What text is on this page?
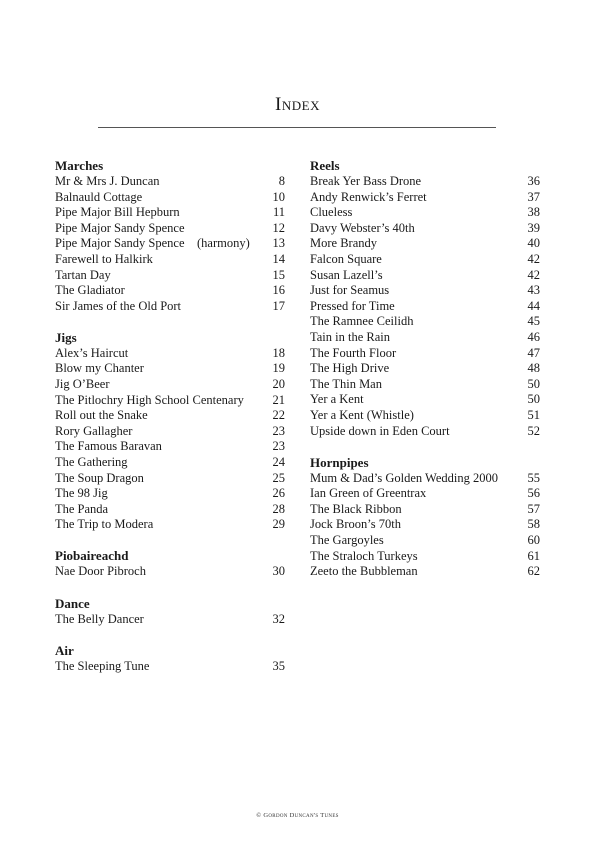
Index
Marches
Mr & Mrs J. Duncan	8
Balnauld Cottage	10
Pipe Major Bill Hepburn	11
Pipe Major Sandy Spence	12
Pipe Major Sandy Spence    (harmony) 13
Farewell to Halkirk	14
Tartan Day	15
The Gladiator	16
Sir James of the Old Port	17
Jigs
Alex’s Haircut	18
Blow my Chanter	19
Jig O’Beer	20
The Pitlochry High School Centenary 21
Roll out the Snake	22
Rory Gallagher	23
The Famous Baravan	23
The Gathering	24
The Soup Dragon	25
The 98 Jig	26
The Panda	28
The Trip to Modera	29
Piobaireachd
Nae Door Pibroch	30
Dance
The Belly Dancer	32
Air
The Sleeping Tune	35
Reels
Break Yer Bass Drone	36
Andy Renwick’s Ferret	37
Clueless	38
Davy Webster’s 40th	39
More Brandy	40
Falcon Square	42
Susan Lazell’s	42
Just for Seamus	43
Pressed for Time	44
The Ramnee Ceilidh	45
Tain in the Rain	46
The Fourth Floor	47
The High Drive	48
The Thin Man	50
Yer a Kent	50
Yer a Kent (Whistle)	51
Upside down in Eden Court	52
Hornpipes
Mum & Dad’s Golden Wedding 2000 55
Ian Green of Greentrax	56
The Black Ribbon	57
Jock Broon’s 70th	58
The Gargoyles	60
The Straloch Turkeys	61
Zeeto the Bubbleman	62
© Gordon Duncan's Tunes
